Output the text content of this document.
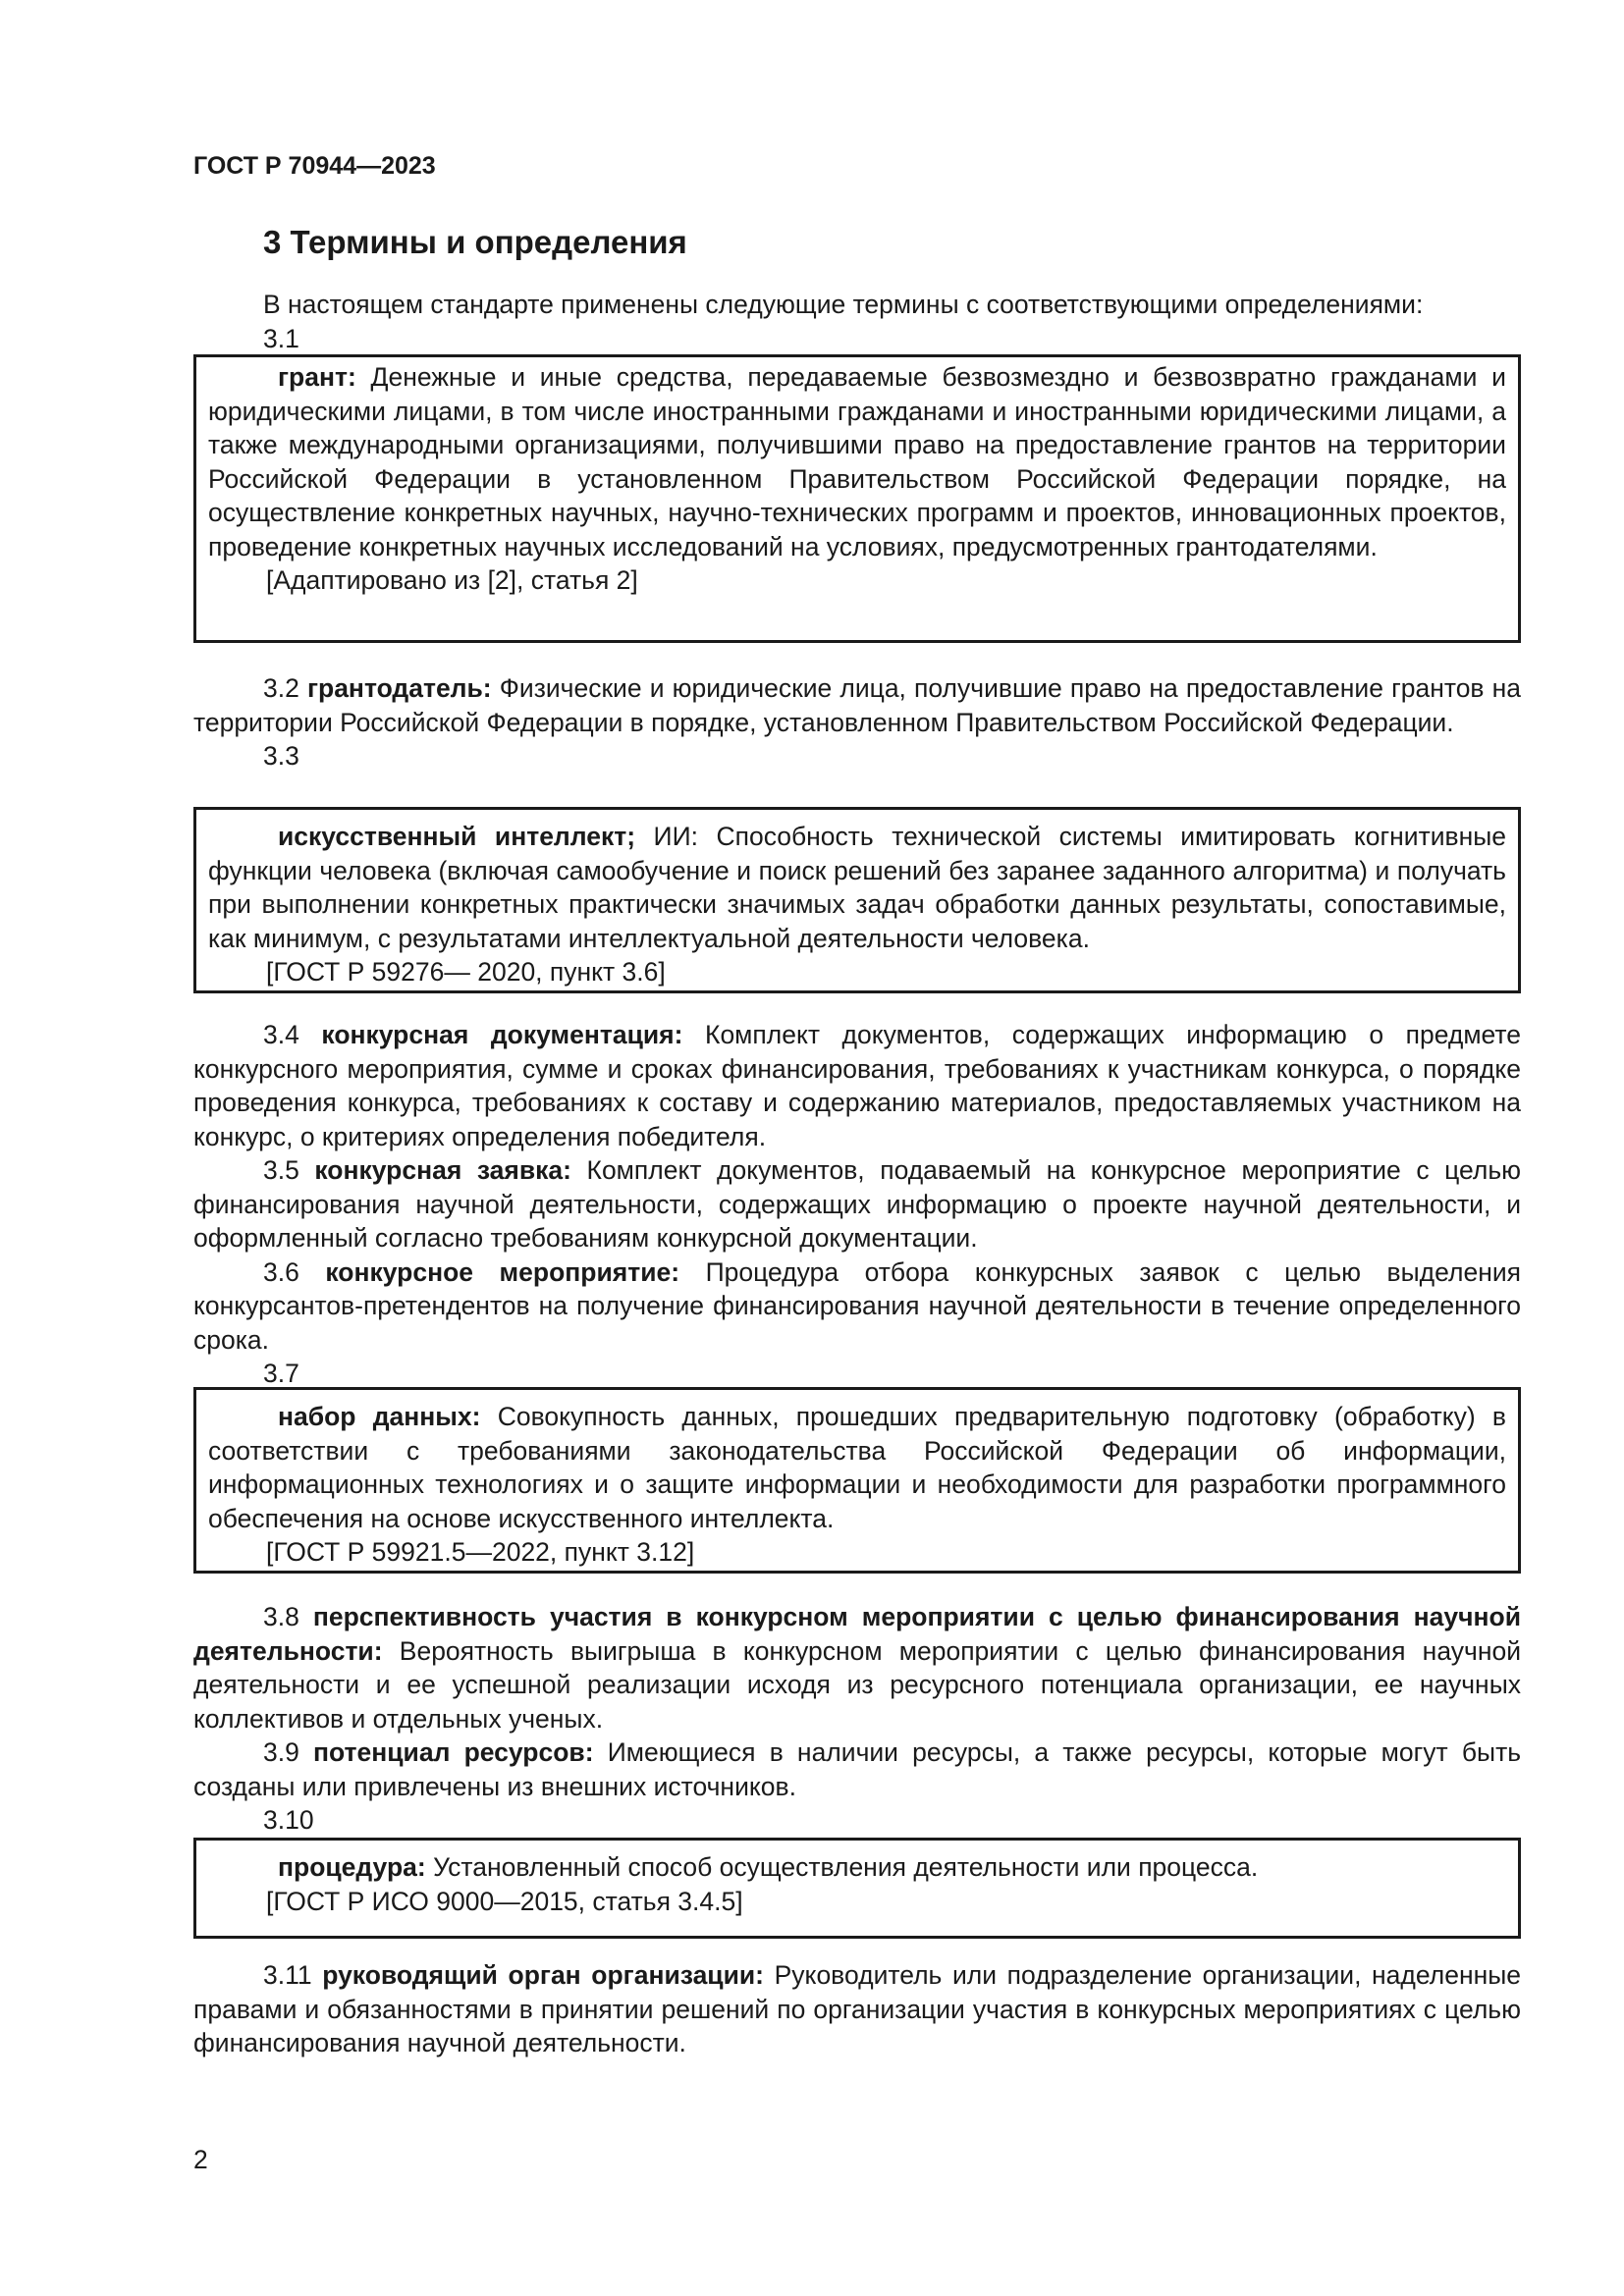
ГОСТ Р 70944—2023
3 Термины и определения
В настоящем стандарте применены следующие термины с соответствующими определениями:
3.1
грант: Денежные и иные средства, передаваемые безвозмездно и безвозвратно гражданами и юридическими лицами, в том числе иностранными гражданами и иностранными юридическими лицами, а также международными организациями, получившими право на предоставление грантов на территории Российской Федерации в установленном Правительством Российской Федерации порядке, на осуществление конкретных научных, научно-технических программ и проектов, инновационных проектов, проведение конкретных научных исследований на условиях, предусмотренных грантодателями.
[Адаптировано из [2], статья 2]
3.2 грантодатель: Физические и юридические лица, получившие право на предоставление грантов на территории Российской Федерации в порядке, установленном Правительством Российской Федерации.
3.3
искусственный интеллект; ИИ: Способность технической системы имитировать когнитивные функции человека (включая самообучение и поиск решений без заранее заданного алгоритма) и получать при выполнении конкретных практически значимых задач обработки данных результаты, сопоставимые, как минимум, с результатами интеллектуальной деятельности человека.
[ГОСТ Р 59276— 2020, пункт 3.6]
3.4 конкурсная документация: Комплект документов, содержащих информацию о предмете конкурсного мероприятия, сумме и сроках финансирования, требованиях к участникам конкурса, о порядке проведения конкурса, требованиях к составу и содержанию материалов, предоставляемых участником на конкурс, о критериях определения победителя.
3.5 конкурсная заявка: Комплект документов, подаваемый на конкурсное мероприятие с целью финансирования научной деятельности, содержащих информацию о проекте научной деятельности, и оформленный согласно требованиям конкурсной документации.
3.6 конкурсное мероприятие: Процедура отбора конкурсных заявок с целью выделения конкурсантов-претендентов на получение финансирования научной деятельности в течение определенного срока.
3.7
набор данных: Совокупность данных, прошедших предварительную подготовку (обработку) в соответствии с требованиями законодательства Российской Федерации об информации, информационных технологиях и о защите информации и необходимости для разработки программного обеспечения на основе искусственного интеллекта.
[ГОСТ Р 59921.5—2022, пункт 3.12]
3.8 перспективность участия в конкурсном мероприятии с целью финансирования научной деятельности: Вероятность выигрыша в конкурсном мероприятии с целью финансирования научной деятельности и ее успешной реализации исходя из ресурсного потенциала организации, ее научных коллективов и отдельных ученых.
3.9 потенциал ресурсов: Имеющиеся в наличии ресурсы, а также ресурсы, которые могут быть созданы или привлечены из внешних источников.
3.10
процедура: Установленный способ осуществления деятельности или процесса.
[ГОСТ Р ИСО 9000—2015, статья 3.4.5]
3.11 руководящий орган организации: Руководитель или подразделение организации, наделенные правами и обязанностями в принятии решений по организации участия в конкурсных мероприятиях с целью финансирования научной деятельности.
2
